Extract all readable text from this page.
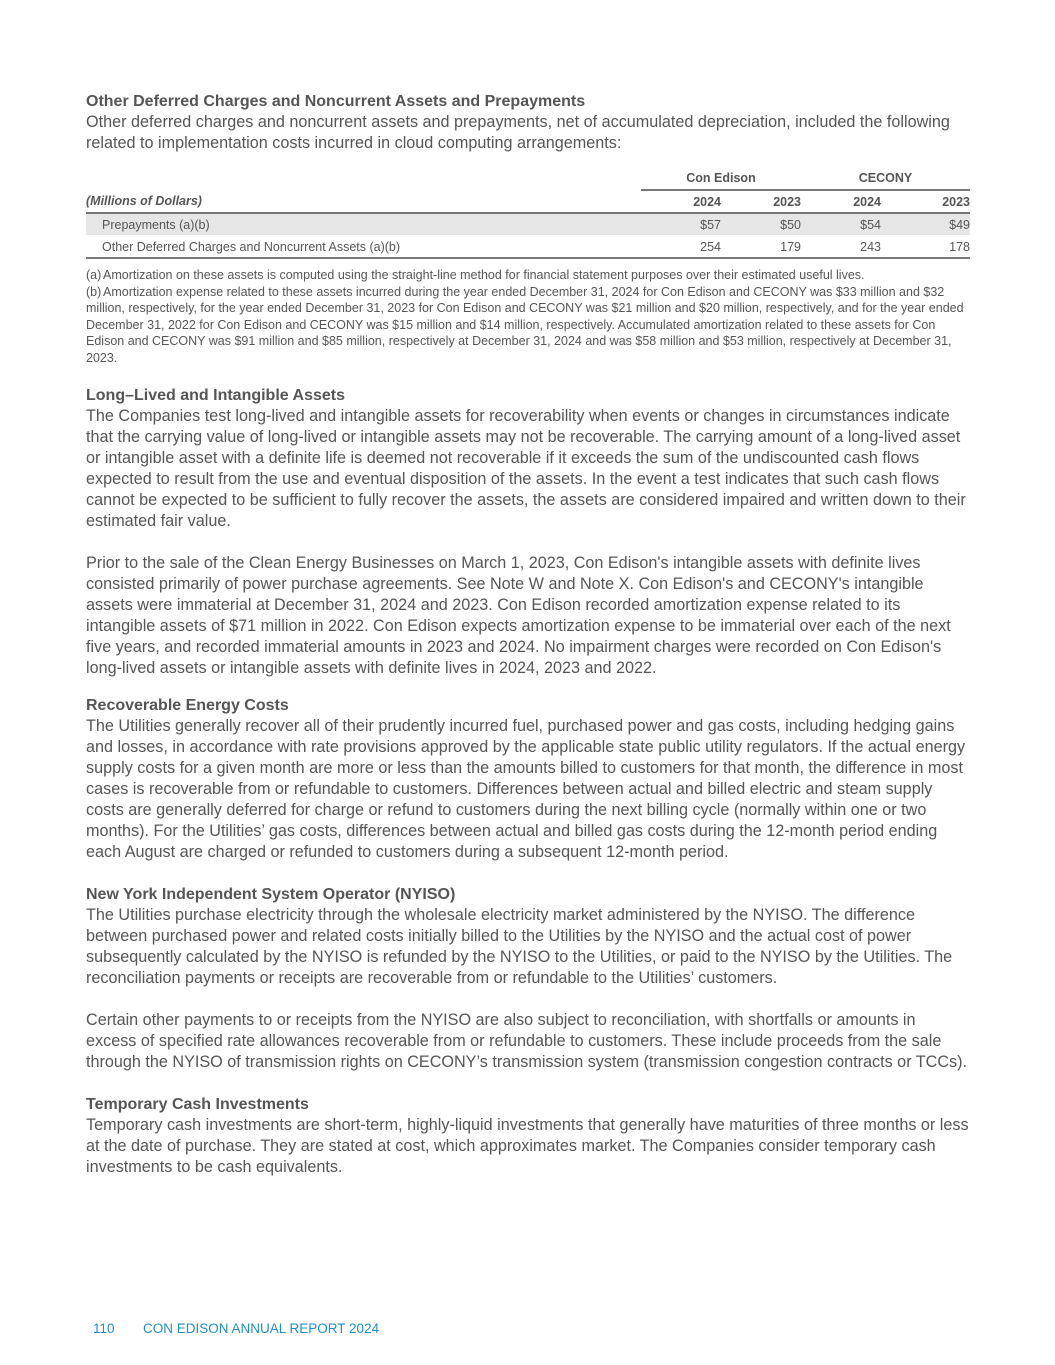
Other Deferred Charges and Noncurrent Assets and Prepayments

Other deferred charges and noncurrent assets and prepayments, net of accumulated depreciation, included the following related to implementation costs incurred in cloud computing arrangements:

	Con Edison		CECONY	
(Millions of Dollars)	2024	2023	2024	2023
Prepayments (a)(b)	$57	$50	$54	$49
Other Deferred Charges and Noncurrent Assets (a)(b)	254	179	243	178
(a) Amortization on these assets is computed using the straight-line method for financial statement purposes over their estimated useful lives.
(b) Amortization expense related to these assets incurred during the year ended December 31, 2024 for Con Edison and CECONY was $33 million and $32 million, respectively, for the year ended December 31, 2023 for Con Edison and CECONY was $21 million and $20 million, respectively, and for the year ended December 31, 2022 for Con Edison and CECONY was $15 million and $14 million, respectively. Accumulated amortization related to these assets for Con Edison and CECONY was $91 million and $85 million, respectively at December 31, 2024 and was $58 million and $53 million, respectively at December 31, 2023.
Long–Lived and Intangible Assets

The Companies test long-lived and intangible assets for recoverability when events or changes in circumstances indicate that the carrying value of long-lived or intangible assets may not be recoverable. The carrying amount of a long-lived asset or intangible asset with a definite life is deemed not recoverable if it exceeds the sum of the undiscounted cash flows expected to result from the use and eventual disposition of the assets. In the event a test indicates that such cash flows cannot be expected to be sufficient to fully recover the assets, the assets are considered impaired and written down to their estimated fair value.

Prior to the sale of the Clean Energy Businesses on March 1, 2023, Con Edison's intangible assets with definite lives consisted primarily of power purchase agreements. See Note W and Note X. Con Edison's and CECONY's intangible assets were immaterial at December 31, 2024 and 2023. Con Edison recorded amortization expense related to its intangible assets of $71 million in 2022. Con Edison expects amortization expense to be immaterial over each of the next five years, and recorded immaterial amounts in 2023 and 2024. No impairment charges were recorded on Con Edison's long-lived assets or intangible assets with definite lives in 2024, 2023 and 2022.

Recoverable Energy Costs

The Utilities generally recover all of their prudently incurred fuel, purchased power and gas costs, including hedging gains and losses, in accordance with rate provisions approved by the applicable state public utility regulators. If the actual energy supply costs for a given month are more or less than the amounts billed to customers for that month, the difference in most cases is recoverable from or refundable to customers. Differences between actual and billed electric and steam supply costs are generally deferred for charge or refund to customers during the next billing cycle (normally within one or two months). For the Utilities’ gas costs, differences between actual and billed gas costs during the 12-month period ending each August are charged or refunded to customers during a subsequent 12-month period.

New York Independent System Operator (NYISO)

The Utilities purchase electricity through the wholesale electricity market administered by the NYISO. The difference between purchased power and related costs initially billed to the Utilities by the NYISO and the actual cost of power subsequently calculated by the NYISO is refunded by the NYISO to the Utilities, or paid to the NYISO by the Utilities. The reconciliation payments or receipts are recoverable from or refundable to the Utilities’ customers.

Certain other payments to or receipts from the NYISO are also subject to reconciliation, with shortfalls or amounts in excess of specified rate allowances recoverable from or refundable to customers. These include proceeds from the sale through the NYISO of transmission rights on CECONY’s transmission system (transmission congestion contracts or TCCs).

Temporary Cash Investments

Temporary cash investments are short-term, highly-liquid investments that generally have maturities of three months or less at the date of purchase. They are stated at cost, which approximates market. The Companies consider temporary cash investments to be cash equivalents.

110 CON EDISON ANNUAL REPORT 2024
